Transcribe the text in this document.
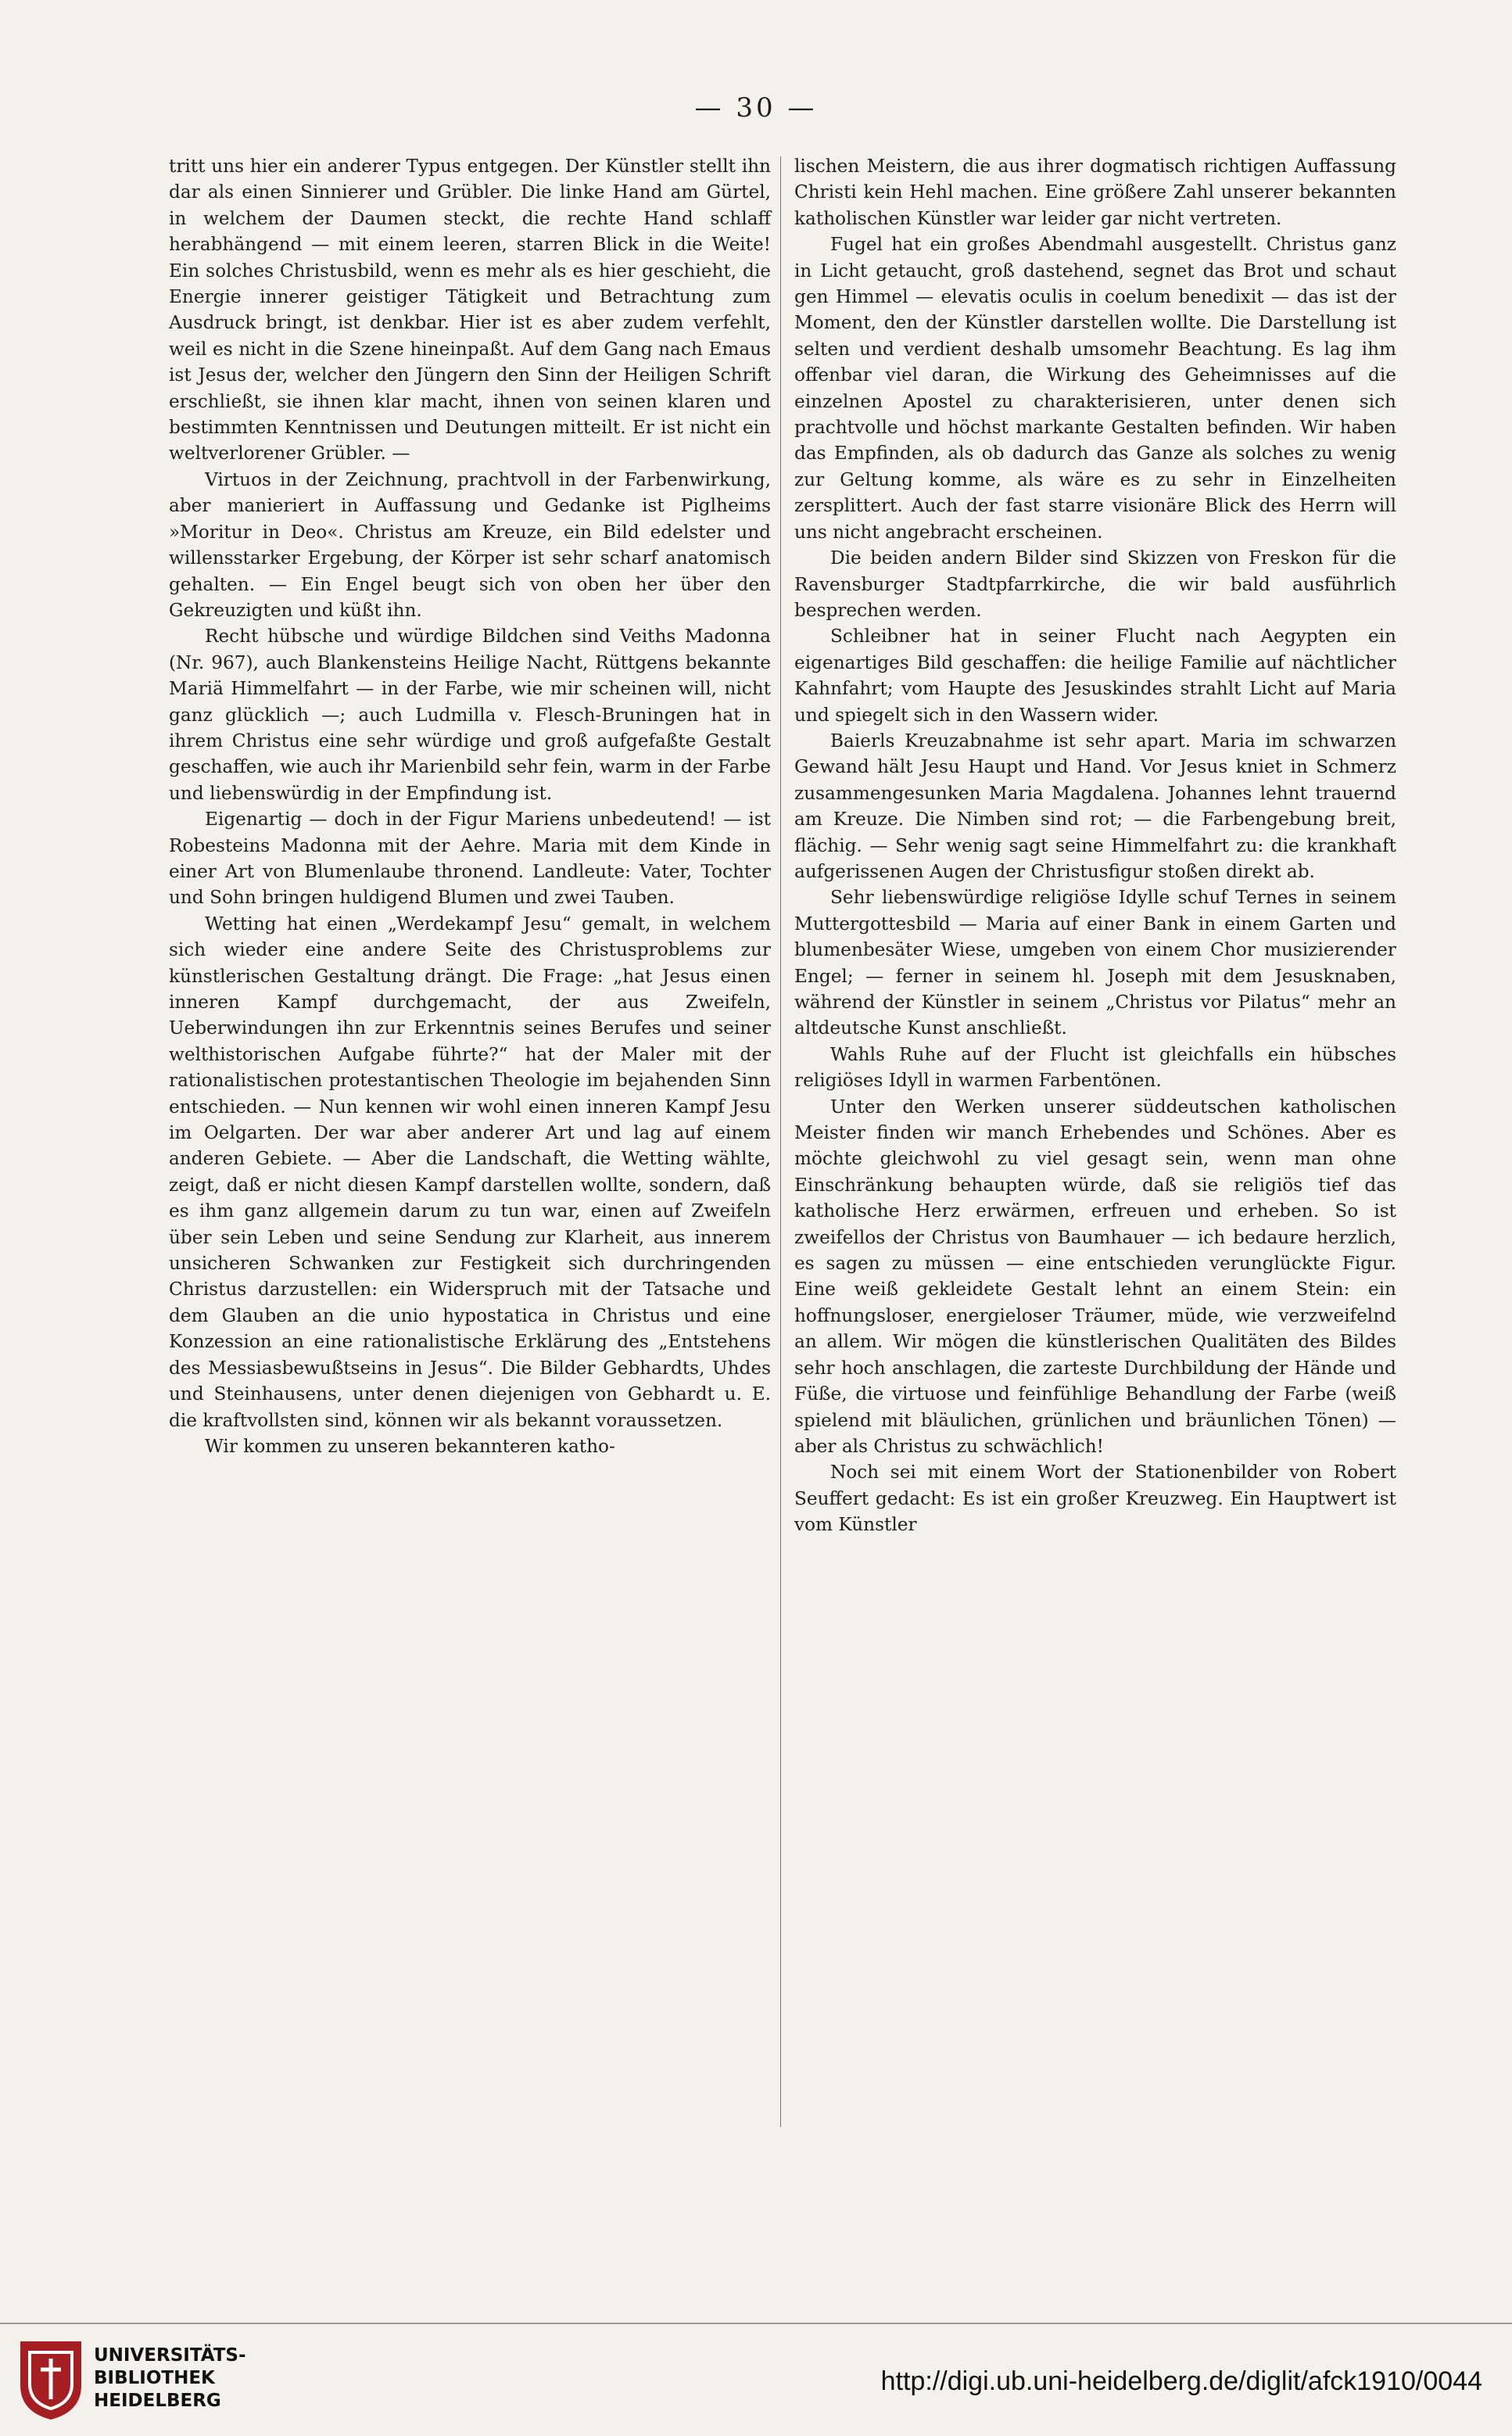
— 30 —

tritt uns hier ein anderer Typus entgegen. Der Künstler stellt ihn dar als einen Sinnierer und Grübler. Die linke Hand am Gürtel, in welchem der Daumen steckt, die rechte Hand schlaff herabhängend — mit einem leeren, starren Blick in die Weite! Ein solches Christusbild, wenn es mehr als es hier geschieht, die Energie innerer geistiger Tätigkeit und Betrachtung zum Ausdruck bringt, ist denkbar. Hier ist es aber zudem verfehlt, weil es nicht in die Szene hineinpaßt. Auf dem Gang nach Emaus ist Jesus der, welcher den Jüngern den Sinn der Heiligen Schrift erschließt, sie ihnen klar macht, ihnen von seinen klaren und bestimmten Kenntnissen und Deutungen mitteilt. Er ist nicht ein weltverlorener Grübler. —

Virtuos in der Zeichnung, prachtvoll in der Farbenwirkung, aber manieriert in Auffassung und Gedanke ist Piglheims »Moritur in Deo«. Christus am Kreuze, ein Bild edelster und willensstarker Ergebung, der Körper ist sehr scharf anatomisch gehalten. — Ein Engel beugt sich von oben her über den Gekreuzigten und küßt ihn.

Recht hübsche und würdige Bildchen sind Veiths Madonna (Nr. 967), auch Blankensteins Heilige Nacht, Rüttgens bekannte Mariä Himmelfahrt — in der Farbe, wie mir scheinen will, nicht ganz glücklich —; auch Ludmilla v. Flesch-Bruningen hat in ihrem Christus eine sehr würdige und groß aufgefaßte Gestalt geschaffen, wie auch ihr Marienbild sehr fein, warm in der Farbe und liebenswürdig in der Empfindung ist.

Eigenartig — doch in der Figur Mariens unbedeutend! — ist Robesteins Madonna mit der Aehre. Maria mit dem Kinde in einer Art von Blumenlaube thronend. Landleute: Vater, Tochter und Sohn bringen huldigend Blumen und zwei Tauben.

Wetting hat einen „Werdekampf Jesu“ gemalt, in welchem sich wieder eine andere Seite des Christusproblems zur künstlerischen Gestaltung drängt. Die Frage: „hat Jesus einen inneren Kampf durchgemacht, der aus Zweifeln, Ueberwindungen ihn zur Erkenntnis seines Berufes und seiner welthistorischen Aufgabe führte?“ hat der Maler mit der rationalistischen protestantischen Theologie im bejahenden Sinn entschieden. — Nun kennen wir wohl einen inneren Kampf Jesu im Oelgarten. Der war aber anderer Art und lag auf einem anderen Gebiete. — Aber die Landschaft, die Wetting wählte, zeigt, daß er nicht diesen Kampf darstellen wollte, sondern, daß es ihm ganz allgemein darum zu tun war, einen auf Zweifeln über sein Leben und seine Sendung zur Klarheit, aus innerem unsicheren Schwanken zur Festigkeit sich durchringenden Christus darzustellen: ein Widerspruch mit der Tatsache und dem Glauben an die unio hypostatica in Christus und eine Konzession an eine rationalistische Erklärung des „Entstehens des Messiasbewußtseins in Jesus“. Die Bilder Gebhardts, Uhdes und Steinhausens, unter denen diejenigen von Gebhardt u. E. die kraftvollsten sind, können wir als bekannt voraussetzen.

Wir kommen zu unseren bekannteren katho-

lischen Meistern, die aus ihrer dogmatisch richtigen Auffassung Christi kein Hehl machen. Eine größere Zahl unserer bekannten katholischen Künstler war leider gar nicht vertreten.

Fugel hat ein großes Abendmahl ausgestellt. Christus ganz in Licht getaucht, groß dastehend, segnet das Brot und schaut gen Himmel — elevatis oculis in coelum benedixit — das ist der Moment, den der Künstler darstellen wollte. Die Darstellung ist selten und verdient deshalb umsomehr Beachtung. Es lag ihm offenbar viel daran, die Wirkung des Geheimnisses auf die einzelnen Apostel zu charakterisieren, unter denen sich prachtvolle und höchst markante Gestalten befinden. Wir haben das Empfinden, als ob dadurch das Ganze als solches zu wenig zur Geltung komme, als wäre es zu sehr in Einzelheiten zersplittert. Auch der fast starre visionäre Blick des Herrn will uns nicht angebracht erscheinen.

Die beiden andern Bilder sind Skizzen von Freskon für die Ravensburger Stadtpfarrkirche, die wir bald ausführlich besprechen werden.

Schleibner hat in seiner Flucht nach Aegypten ein eigenartiges Bild geschaffen: die heilige Familie auf nächtlicher Kahnfahrt; vom Haupte des Jesuskindes strahlt Licht auf Maria und spiegelt sich in den Wassern wider.

Baierls Kreuzabnahme ist sehr apart. Maria im schwarzen Gewand hält Jesu Haupt und Hand. Vor Jesus kniet in Schmerz zusammengesunken Maria Magdalena. Johannes lehnt trauernd am Kreuze. Die Nimben sind rot; — die Farbengebung breit, flächig. — Sehr wenig sagt seine Himmelfahrt zu: die krankhaft aufgerissenen Augen der Christusfigur stoßen direkt ab.

Sehr liebenswürdige religiöse Idylle schuf Ternes in seinem Muttergottesbild — Maria auf einer Bank in einem Garten und blumenbesäter Wiese, umgeben von einem Chor musizierender Engel; — ferner in seinem hl. Joseph mit dem Jesusknaben, während der Künstler in seinem „Christus vor Pilatus“ mehr an altdeutsche Kunst anschließt.

Wahls Ruhe auf der Flucht ist gleichfalls ein hübsches religiöses Idyll in warmen Farbentönen.

Unter den Werken unserer süddeutschen katholischen Meister finden wir manch Erhebendes und Schönes. Aber es möchte gleichwohl zu viel gesagt sein, wenn man ohne Einschränkung behaupten würde, daß sie religiös tief das katholische Herz erwärmen, erfreuen und erheben. So ist zweifellos der Christus von Baumhauer — ich bedaure herzlich, es sagen zu müssen — eine entschieden verunglückte Figur. Eine weiß gekleidete Gestalt lehnt an einem Stein: ein hoffnungsloser, energieloser Träumer, müde, wie verzweifelnd an allem. Wir mögen die künstlerischen Qualitäten des Bildes sehr hoch anschlagen, die zarteste Durchbildung der Hände und Füße, die virtuose und feinfühlige Behandlung der Farbe (weiß spielend mit bläulichen, grünlichen und bräunlichen Tönen) — aber als Christus zu schwächlich!

Noch sei mit einem Wort der Stationenbilder von Robert Seuffert gedacht: Es ist ein großer Kreuzweg. Ein Hauptwert ist vom Künstler

UNIVERSITÄTS-
BIBLIOTHEK
HEIDELBERG
http://digi.ub.uni-heidelberg.de/diglit/afck1910/0044
